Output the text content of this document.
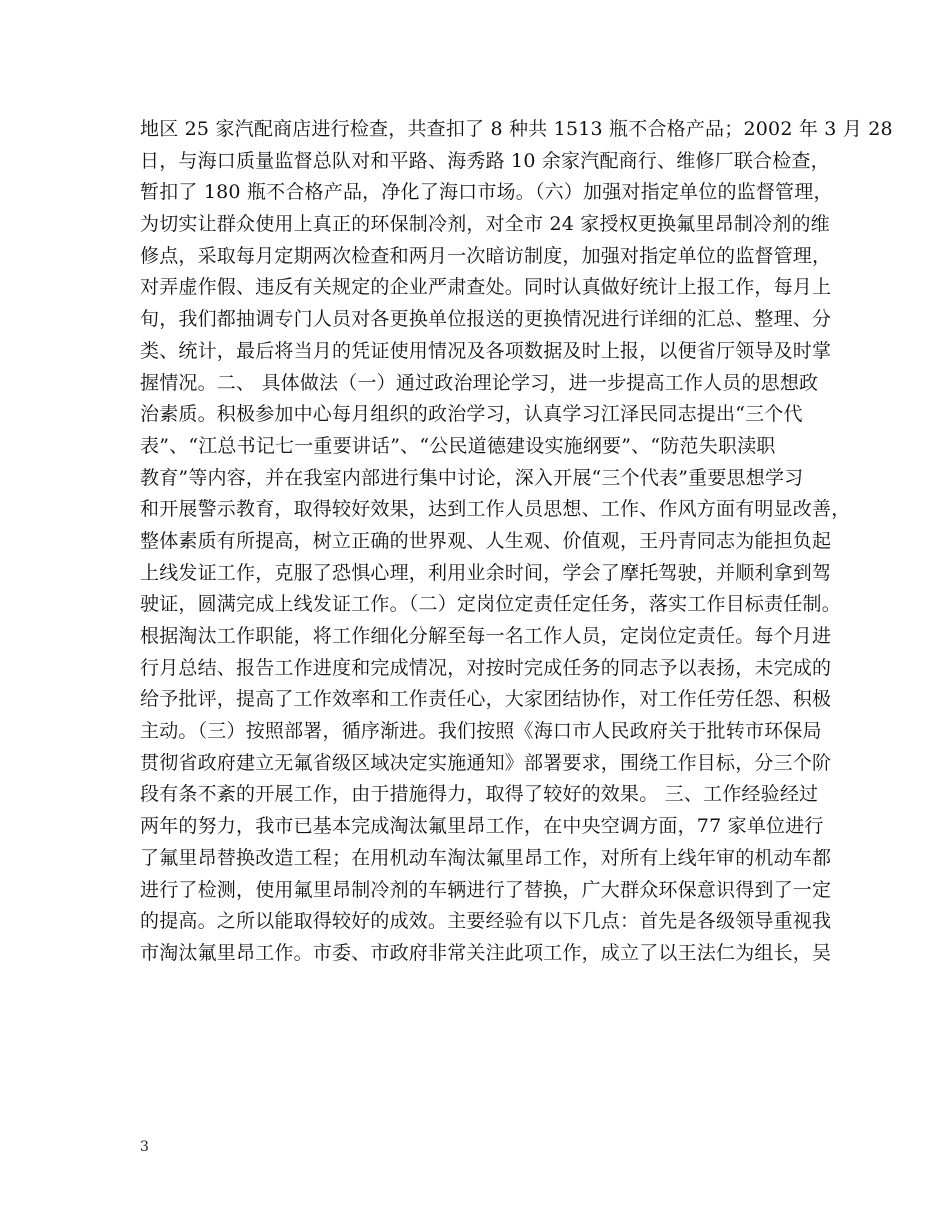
地区 25 家汽配商店进行检查，共查扣了 8 种共 1513 瓶不合格产品；2002 年 3 月 28
日，与海口质量监督总队对和平路、海秀路 10 余家汽配商行、维修厂联合检查，
暂扣了 180 瓶不合格产品，净化了海口市场。（六）加强对指定单位的监督管理，
为切实让群众使用上真正的环保制冷剂，对全市 24 家授权更换氟里昂制冷剂的维
修点，采取每月定期两次检查和两月一次暗访制度，加强对指定单位的监督管理，
对弄虚作假、违反有关规定的企业严肃查处。同时认真做好统计上报工作，每月上
旬，我们都抽调专门人员对各更换单位报送的更换情况进行详细的汇总、整理、分
类、统计，最后将当月的凭证使用情况及各项数据及时上报，以便省厅领导及时掌
握情况。二、 具体做法（一）通过政治理论学习，进一步提高工作人员的思想政
治素质。积极参加中心每月组织的政治学习，认真学习江泽民同志提出“三个代
表”、“江总书记七一重要讲话”、“公民道德建设实施纲要”、“防范失职渎职
教育”等内容，并在我室内部进行集中讨论，深入开展“三个代表”重要思想学习
和开展警示教育，取得较好效果，达到工作人员思想、工作、作风方面有明显改善，
整体素质有所提高，树立正确的世界观、人生观、价值观，王丹青同志为能担负起
上线发证工作，克服了恐惧心理，利用业余时间，学会了摩托驾驶，并顺利拿到驾
驶证，圆满完成上线发证工作。（二）定岗位定责任定任务，落实工作目标责任制。
根据淘汰工作职能，将工作细化分解至每一名工作人员，定岗位定责任。每个月进
行月总结、报告工作进度和完成情况，对按时完成任务的同志予以表扬，未完成的
给予批评，提高了工作效率和工作责任心，大家团结协作，对工作任劳任怨、积极
主动。（三）按照部署，循序渐进。我们按照《海口市人民政府关于批转市环保局
贯彻省政府建立无氟省级区域决定实施通知》部署要求，围绕工作目标，分三个阶
段有条不紊的开展工作，由于措施得力，取得了较好的效果。 三、工作经验经过
两年的努力，我市已基本完成淘汰氟里昂工作，在中央空调方面，77 家单位进行
了氟里昂替换改造工程；在用机动车淘汰氟里昂工作，对所有上线年审的机动车都
进行了检测，使用氟里昂制冷剂的车辆进行了替换，广大群众环保意识得到了一定
的提高。之所以能取得较好的成效。主要经验有以下几点：首先是各级领导重视我
市淘汰氟里昂工作。市委、市政府非常关注此项工作，成立了以王法仁为组长，吴
3
